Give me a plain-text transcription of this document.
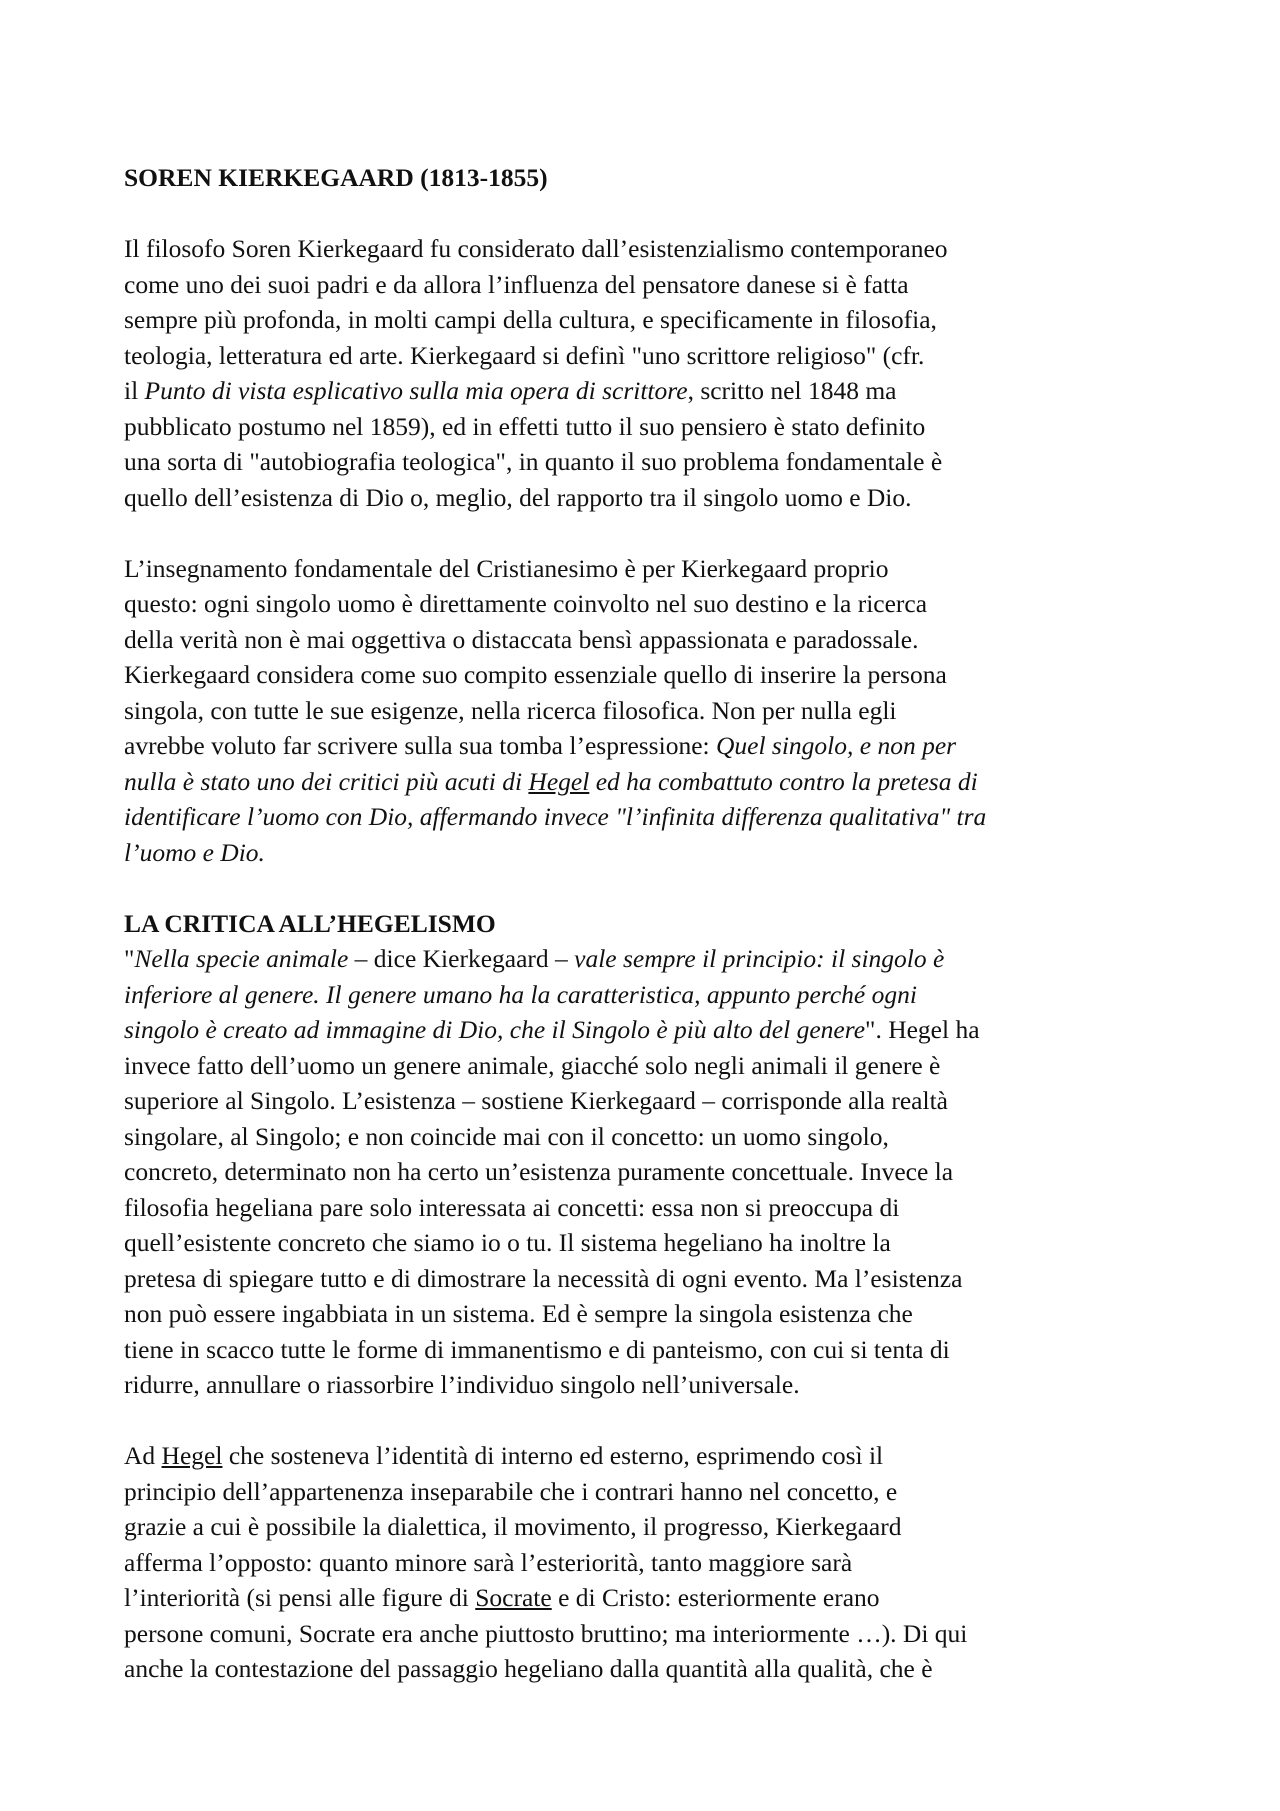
SOREN KIERKEGAARD (1813-1855)
Il filosofo Soren Kierkegaard fu considerato dall’esistenzialismo contemporaneo
come uno dei suoi padri e da allora l’influenza del pensatore danese si è fatta
sempre più profonda, in molti campi della cultura, e specificamente in filosofia,
teologia, letteratura ed arte. Kierkegaard si definì "uno scrittore religioso" (cfr.
il Punto di vista esplicativo sulla mia opera di scrittore, scritto nel 1848 ma
pubblicato postumo nel 1859), ed in effetti tutto il suo pensiero è stato definito
una sorta di "autobiografia teologica", in quanto il suo problema fondamentale è
quello dell’esistenza di Dio o, meglio, del rapporto tra il singolo uomo e Dio.
L’insegnamento fondamentale del Cristianesimo è per Kierkegaard proprio
questo: ogni singolo uomo è direttamente coinvolto nel suo destino e la ricerca
della verità non è mai oggettiva o distaccata bensì appassionata e paradossale.
Kierkegaard considera come suo compito essenziale quello di inserire la persona
singola, con tutte le sue esigenze, nella ricerca filosofica. Non per nulla egli
avrebbe voluto far scrivere sulla sua tomba l’espressione: Quel singolo, e non per
nulla è stato uno dei critici più acuti di Hegel ed ha combattuto contro la pretesa di
identificare l’uomo con Dio, affermando invece "l’infinita differenza qualitativa" tra
l’uomo e Dio.
LA CRITICA ALL’HEGELISMO
"Nella specie animale – dice Kierkegaard – vale sempre il principio: il singolo è
inferiore al genere. Il genere umano ha la caratteristica, appunto perché ogni
singolo è creato ad immagine di Dio, che il Singolo è più alto del genere". Hegel ha
invece fatto dell’uomo un genere animale, giacché solo negli animali il genere è
superiore al Singolo. L’esistenza – sostiene Kierkegaard – corrisponde alla realtà
singolare, al Singolo; e non coincide mai con il concetto: un uomo singolo,
concreto, determinato non ha certo un’esistenza puramente concettuale. Invece la
filosofia hegeliana pare solo interessata ai concetti: essa non si preoccupa di
quell’esistente concreto che siamo io o tu. Il sistema hegeliano ha inoltre la
pretesa di spiegare tutto e di dimostrare la necessità di ogni evento. Ma l’esistenza
non può essere ingabbiata in un sistema. Ed è sempre la singola esistenza che
tiene in scacco tutte le forme di immanentismo e di panteismo, con cui si tenta di
ridurre, annullare o riassorbire l’individuo singolo nell’universale.
Ad Hegel che sosteneva l’identità di interno ed esterno, esprimendo così il
principio dell’appartenenza inseparabile che i contrari hanno nel concetto, e
grazie a cui è possibile la dialettica, il movimento, il progresso, Kierkegaard
afferma l’opposto: quanto minore sarà l’esteriorità, tanto maggiore sarà
l’interiorità (si pensi alle figure di Socrate e di Cristo: esteriormente erano
persone comuni, Socrate era anche piuttosto bruttino; ma interiormente …). Di qui
anche la contestazione del passaggio hegeliano dalla quantità alla qualità, che è
